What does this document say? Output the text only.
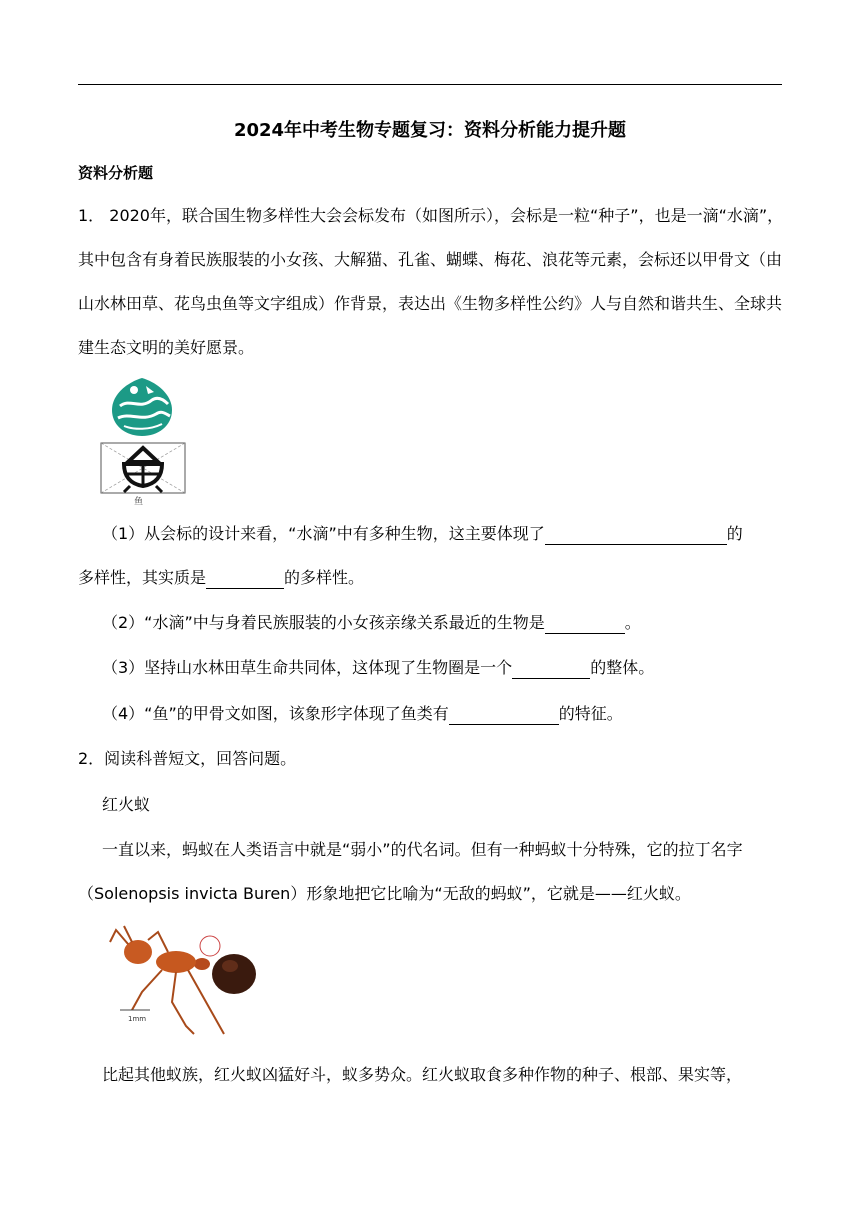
2024年中考生物专题复习：资料分析能力提升题
资料分析题
1． 2020年，联合国生物多样性大会会标发布（如图所示），会标是一粒“种子”，也是一滴“水滴”，其中包含有身着民族服装的小女孩、大解猫、孔雀、蝴蝶、梅花、浪花等元素，会标还以甲骨文（由山水林田草、花鸟虫鱼等文字组成）作背景，表达出《生物多样性公约》人与自然和谐共生、全球共建生态文明的美好愿景。
鱼
（1）从会标的设计来看，“水滴”中有多种生物，这主要体现了	的
多样性，其实质是	的多样性。
（2）“水滴”中与身着民族服装的小女孩亲缘关系最近的生物是	。
（3）坚持山水林田草生命共同体，这体现了生物圈是一个	的整体。
（4）“鱼”的甲骨文如图，该象形字体现了鱼类有	的特征。
2．阅读科普短文，回答问题。
红火蚁
一直以来，蚂蚁在人类语言中就是“弱小”的代名词。但有一种蚂蚁十分特殊，它的拉丁名字（Solenopsis invicta Buren）形象地把它比喻为“无敌的蚂蚁”，它就是——红火蚁。
1mm
比起其他蚁族，红火蚁凶猛好斗，蚁多势众。红火蚁取食多种作物的种子、根部、果实等，
